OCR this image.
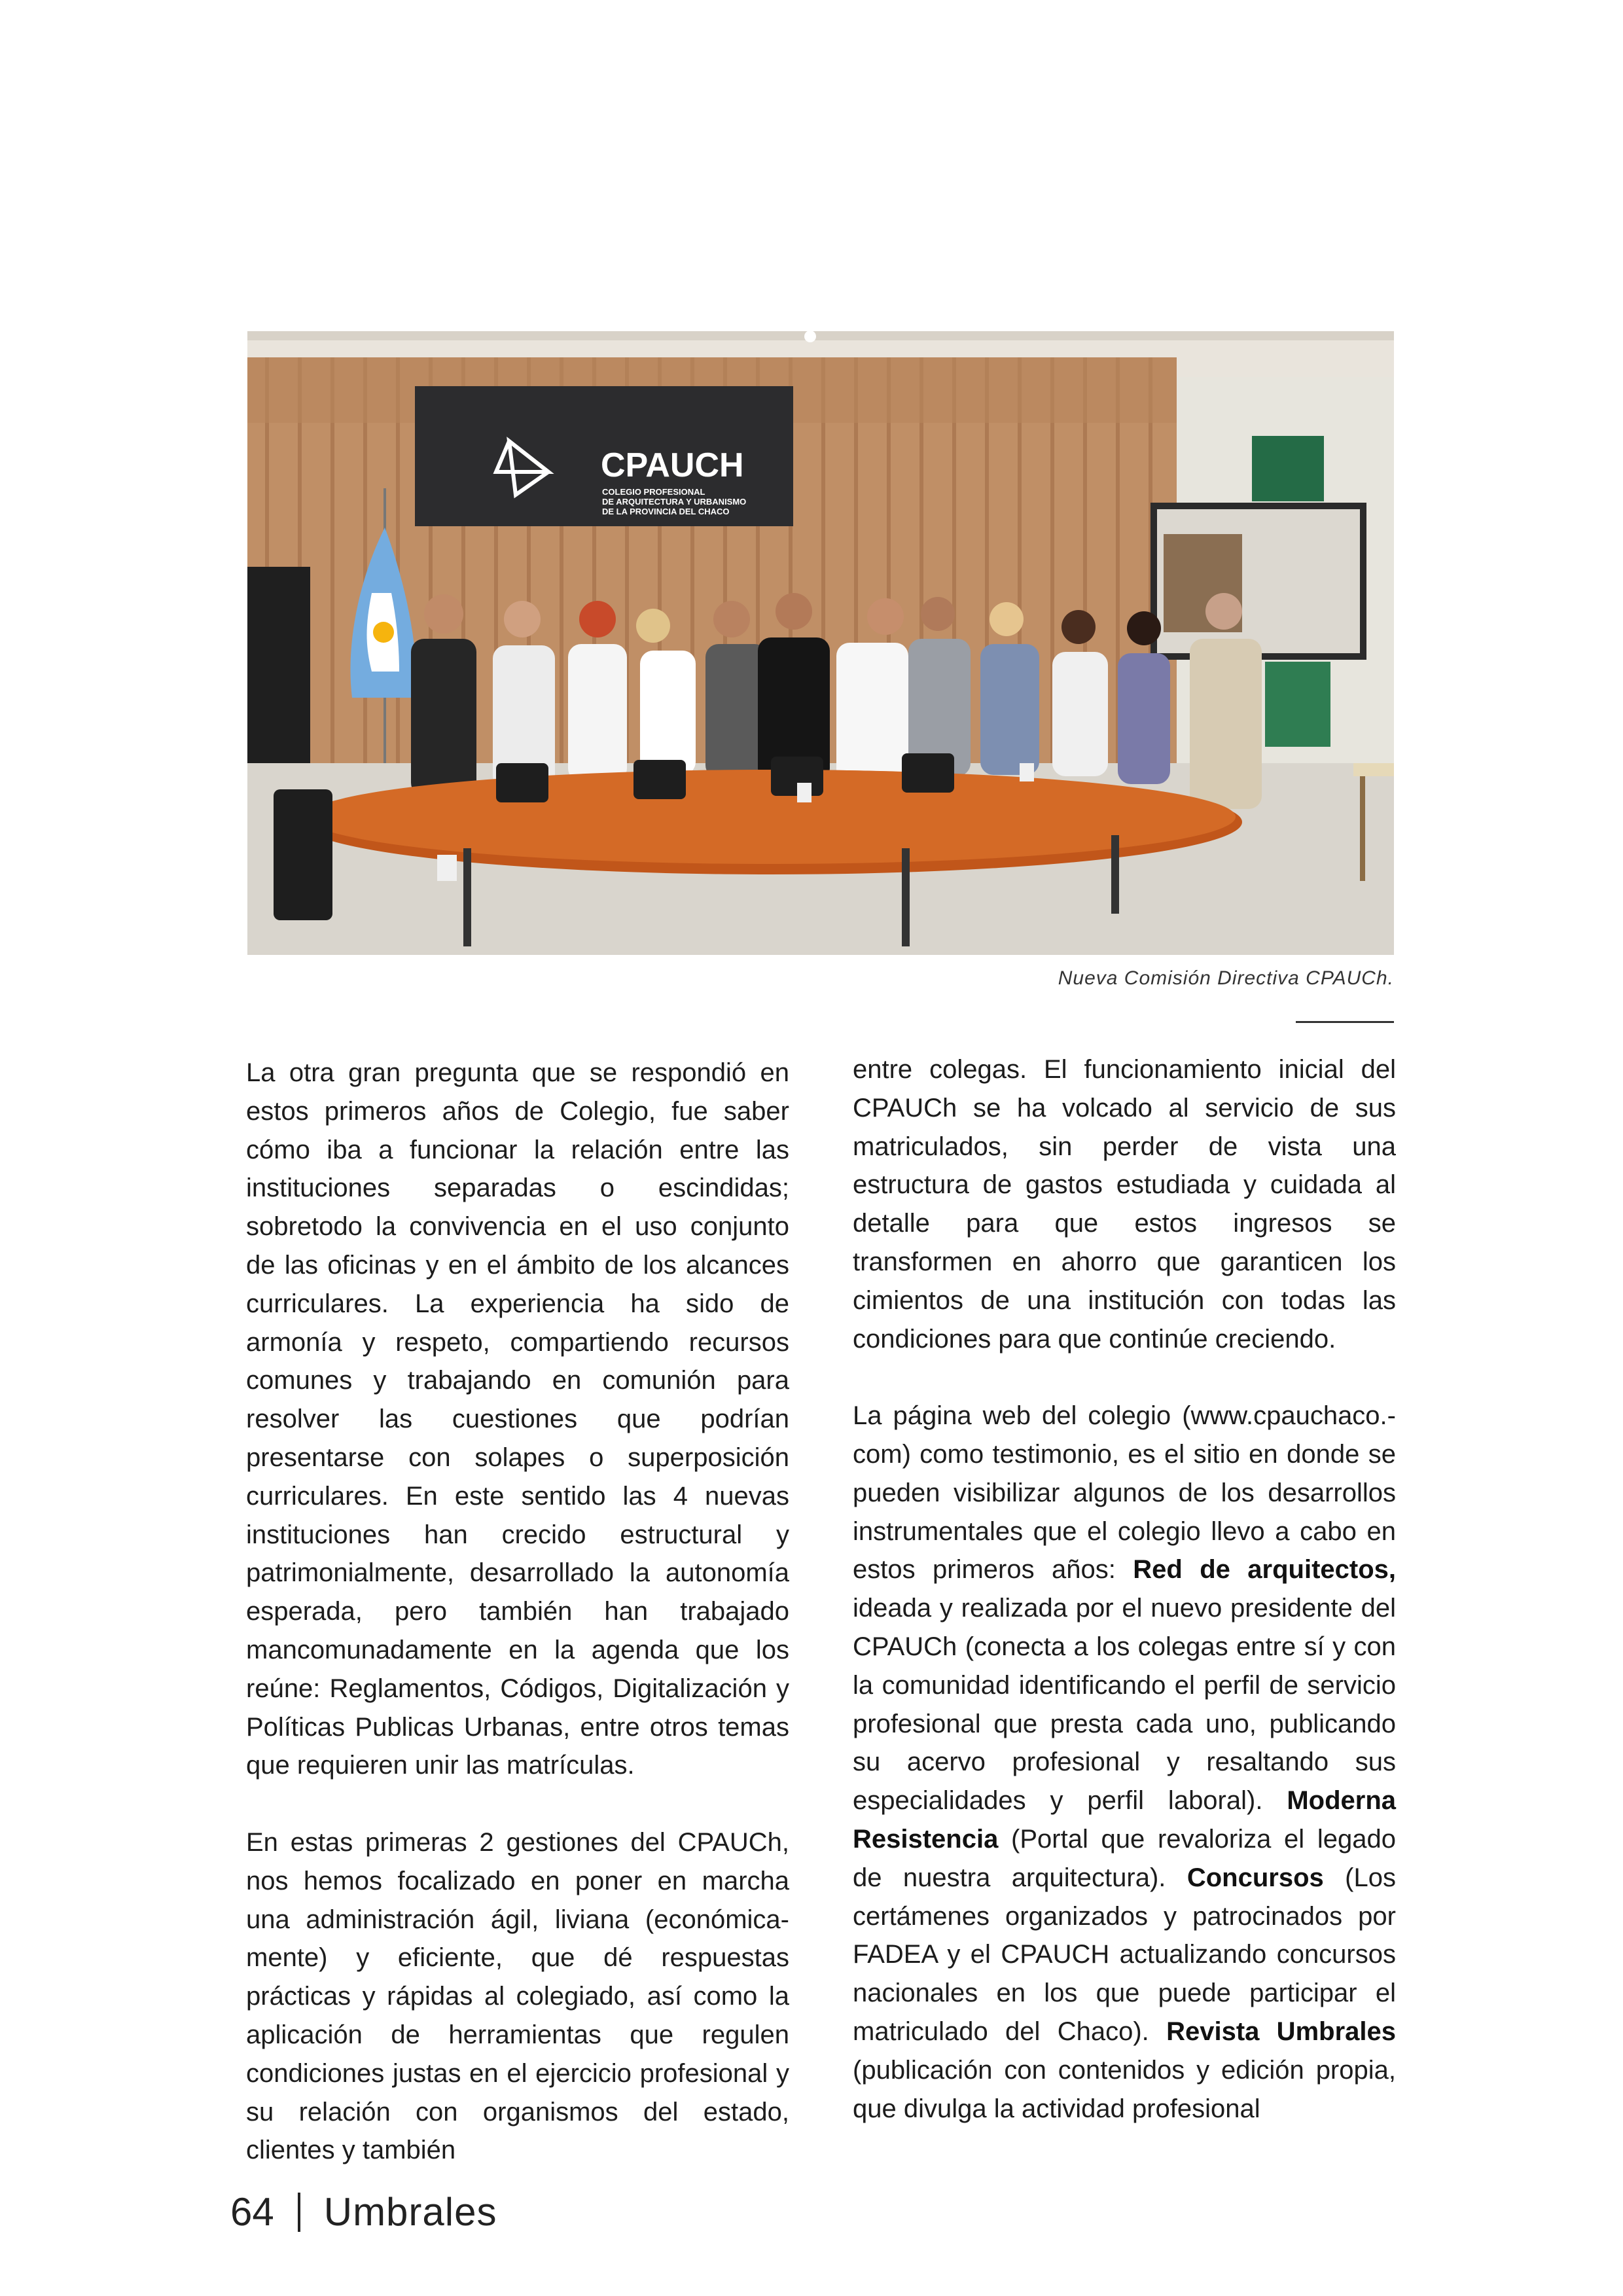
CPAUCH
COLEGIO PROFESIONAL
DE ARQUITECTURA Y URBANISMO
DE LA PROVINCIA DEL CHACO
Nueva Comisión Directiva CPAUCh.

La otra gran pregunta que se respondió en estos primeros años de Colegio, fue saber cómo iba a funcionar la relación entre las instituciones separadas o escindidas; sobretodo la convivencia en el uso conjunto de las oficinas y en el ámbito de los alcances curriculares. La experiencia ha sido de armonía y respeto, compartiendo recursos comunes y trabajando en comunión para resolver las cuestiones que podrían presentarse con solapes o superposición curriculares. En este sentido las 4 nuevas instituciones han crecido estructural y patrimonialmente, desarrollado la autonomía esperada, pero también han trabajado mancomunadamente en la agenda que los reúne: Reglamentos, Códigos, Digitalización y Políticas Publicas Urbanas, entre otros temas que requieren unir las matrículas.

En estas primeras 2 gestiones del CPAUCh, nos hemos focalizado en poner en marcha una administración ágil, liviana (económica-mente) y eficiente, que dé respuestas prácticas y rápidas al colegiado, así como la aplicación de herramientas que regulen condiciones justas en el ejercicio profesional y su relación con organismos del estado, clientes y también

entre colegas. El funcionamiento inicial del CPAUCh se ha volcado al servicio de sus matriculados, sin perder de vista una estructura de gastos estudiada y cuidada al detalle para que estos ingresos se transformen en ahorro que garanticen los cimientos de una institución con todas las condiciones para que continúe creciendo.

La página web del colegio (www.cpauchaco.-com) como testimonio, es el sitio en donde se pueden visibilizar algunos de los desarrollos instrumentales que el colegio llevo a cabo en estos primeros años: Red de arquitectos, ideada y realizada por el nuevo presidente del CPAUCh (conecta a los colegas entre sí y con la comunidad identificando el perfil de servicio profesional que presta cada uno, publicando su acervo profesional y resaltando sus especialidades y perfil laboral). Moderna Resistencia (Portal que revaloriza el legado de nuestra arquitectura). Concursos (Los certámenes organizados y patrocinados por FADEA y el CPAUCH actualizando concursos nacionales en los que puede participar el matriculado del Chaco). Revista Umbrales (publicación con contenidos y edición propia, que divulga la actividad profesional

64 Umbrales
